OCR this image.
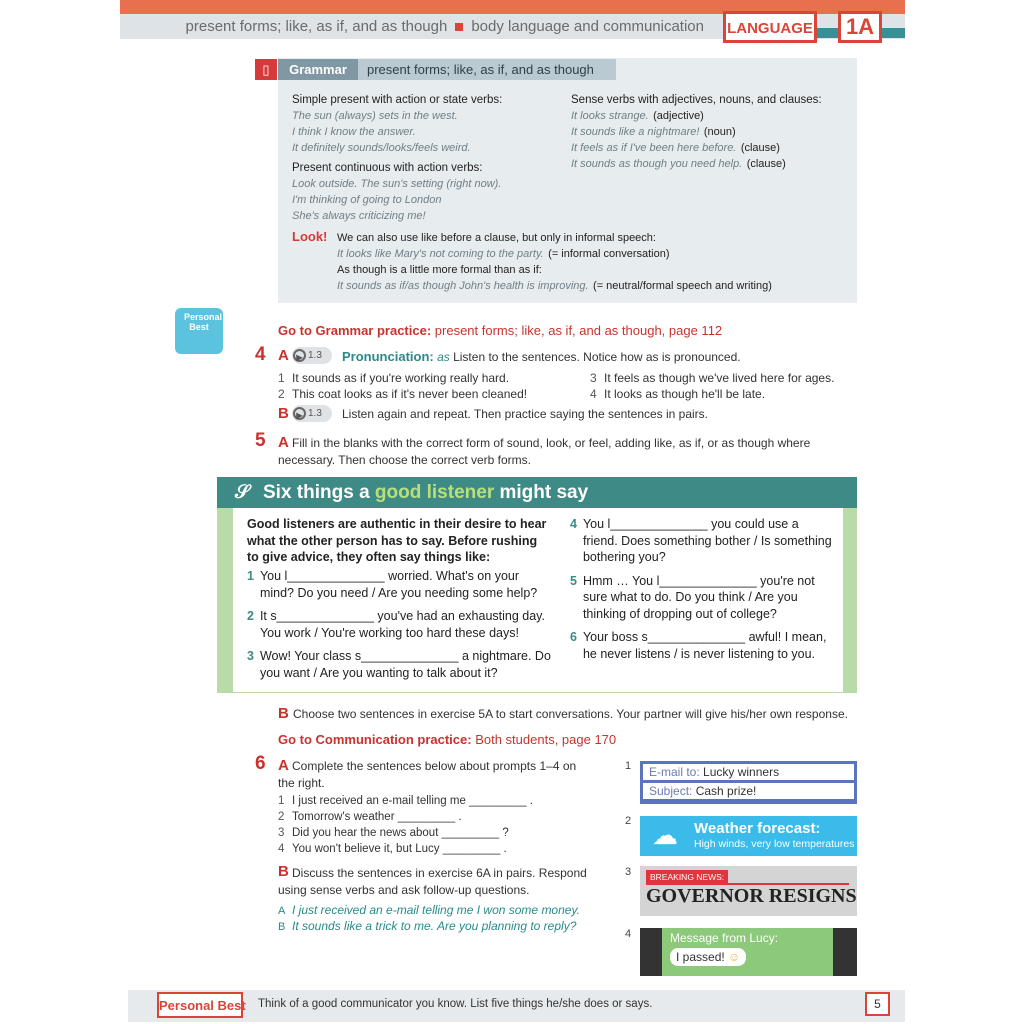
present forms; like, as if, and as though body language and communication LANGUAGE	1A
▯	Grammar	present forms; like, as if, and as though
Simple present with action or state verbs:
The sun (always) sets in the west.
I think I know the answer.
It definitely sounds/looks/feels weird.
Present continuous with action verbs:
Look outside. The sun's setting (right now).
I'm thinking of going to London
She's always criticizing me!
Sense verbs with adjectives, nouns, and clauses:
It looks strange. (adjective)
It sounds like a nightmare! (noun)
It feels as if I've been here before. (clause)
It sounds as though you need help. (clause)
Look! We can also use like before a clause, but only in informal speech:
It looks like Mary's not coming to the party. (= informal conversation)
As though is a little more formal than as if:
It sounds as if/as though John's health is improving. (= neutral/formal speech and writing)
Personal Best	Go to Grammar practice: present forms; like, as if, and as though, page 112
4 A ▶ 1.3	Pronunciation: as Listen to the sentences. Notice how as is pronounced.
1 It sounds as if you're working really hard.
2 This coat looks as if it's never been cleaned!
3 It feels as though we've lived here for ages.
4 It looks as though he'll be late.
B ▶ 1.3	Listen again and repeat. Then practice saying the sentences in pairs.
5 A Fill in the blanks with the correct form of sound, look, or feel, adding like, as if, or as though where necessary. Then choose the correct verb forms.
𝒮 Six things a good listener might say
Good listeners are authentic in their desire to hear what the other person has to say. Before rushing to give advice, they often say things like:
1 You l______________ worried. What's on your mind? Do you need / Are you needing some help?
2 It s______________ you've had an exhausting day. You work / You're working too hard these days!
3 Wow! Your class s______________ a nightmare. Do you want / Are you wanting to talk about it?
4 You l______________ you could use a friend. Does something bother / Is something bothering you?
5 Hmm … You l______________ you're not sure what to do. Do you think / Are you thinking of dropping out of college?
6 Your boss s______________ awful! I mean, he never listens / is never listening to you.
B Choose two sentences in exercise 5A to start conversations. Your partner will give his/her own response.
Go to Communication practice: Both students, page 170
6 A Complete the sentences below about prompts 1–4 on the right.
1 I just received an e-mail telling me _________ .
2 Tomorrow's weather _________ .
3 Did you hear the news about _________ ?
4 You won't believe it, but Lucy _________ .
B Discuss the sentences in exercise 6A in pairs. Respond using sense verbs and ask follow-up questions.
A I just received an e-mail telling me I won some money.
B It sounds like a trick to me. Are you planning to reply?
1
2
3
4
E-mail to: Lucky winners
Subject: Cash prize!
☁ Weather forecast:
High winds, very low temperatures
BREAKING NEWS:
GOVERNOR RESIGNS
Message from Lucy:
I passed! ☺
Personal Best Think of a good communicator you know. List five things he/she does or says.	5
